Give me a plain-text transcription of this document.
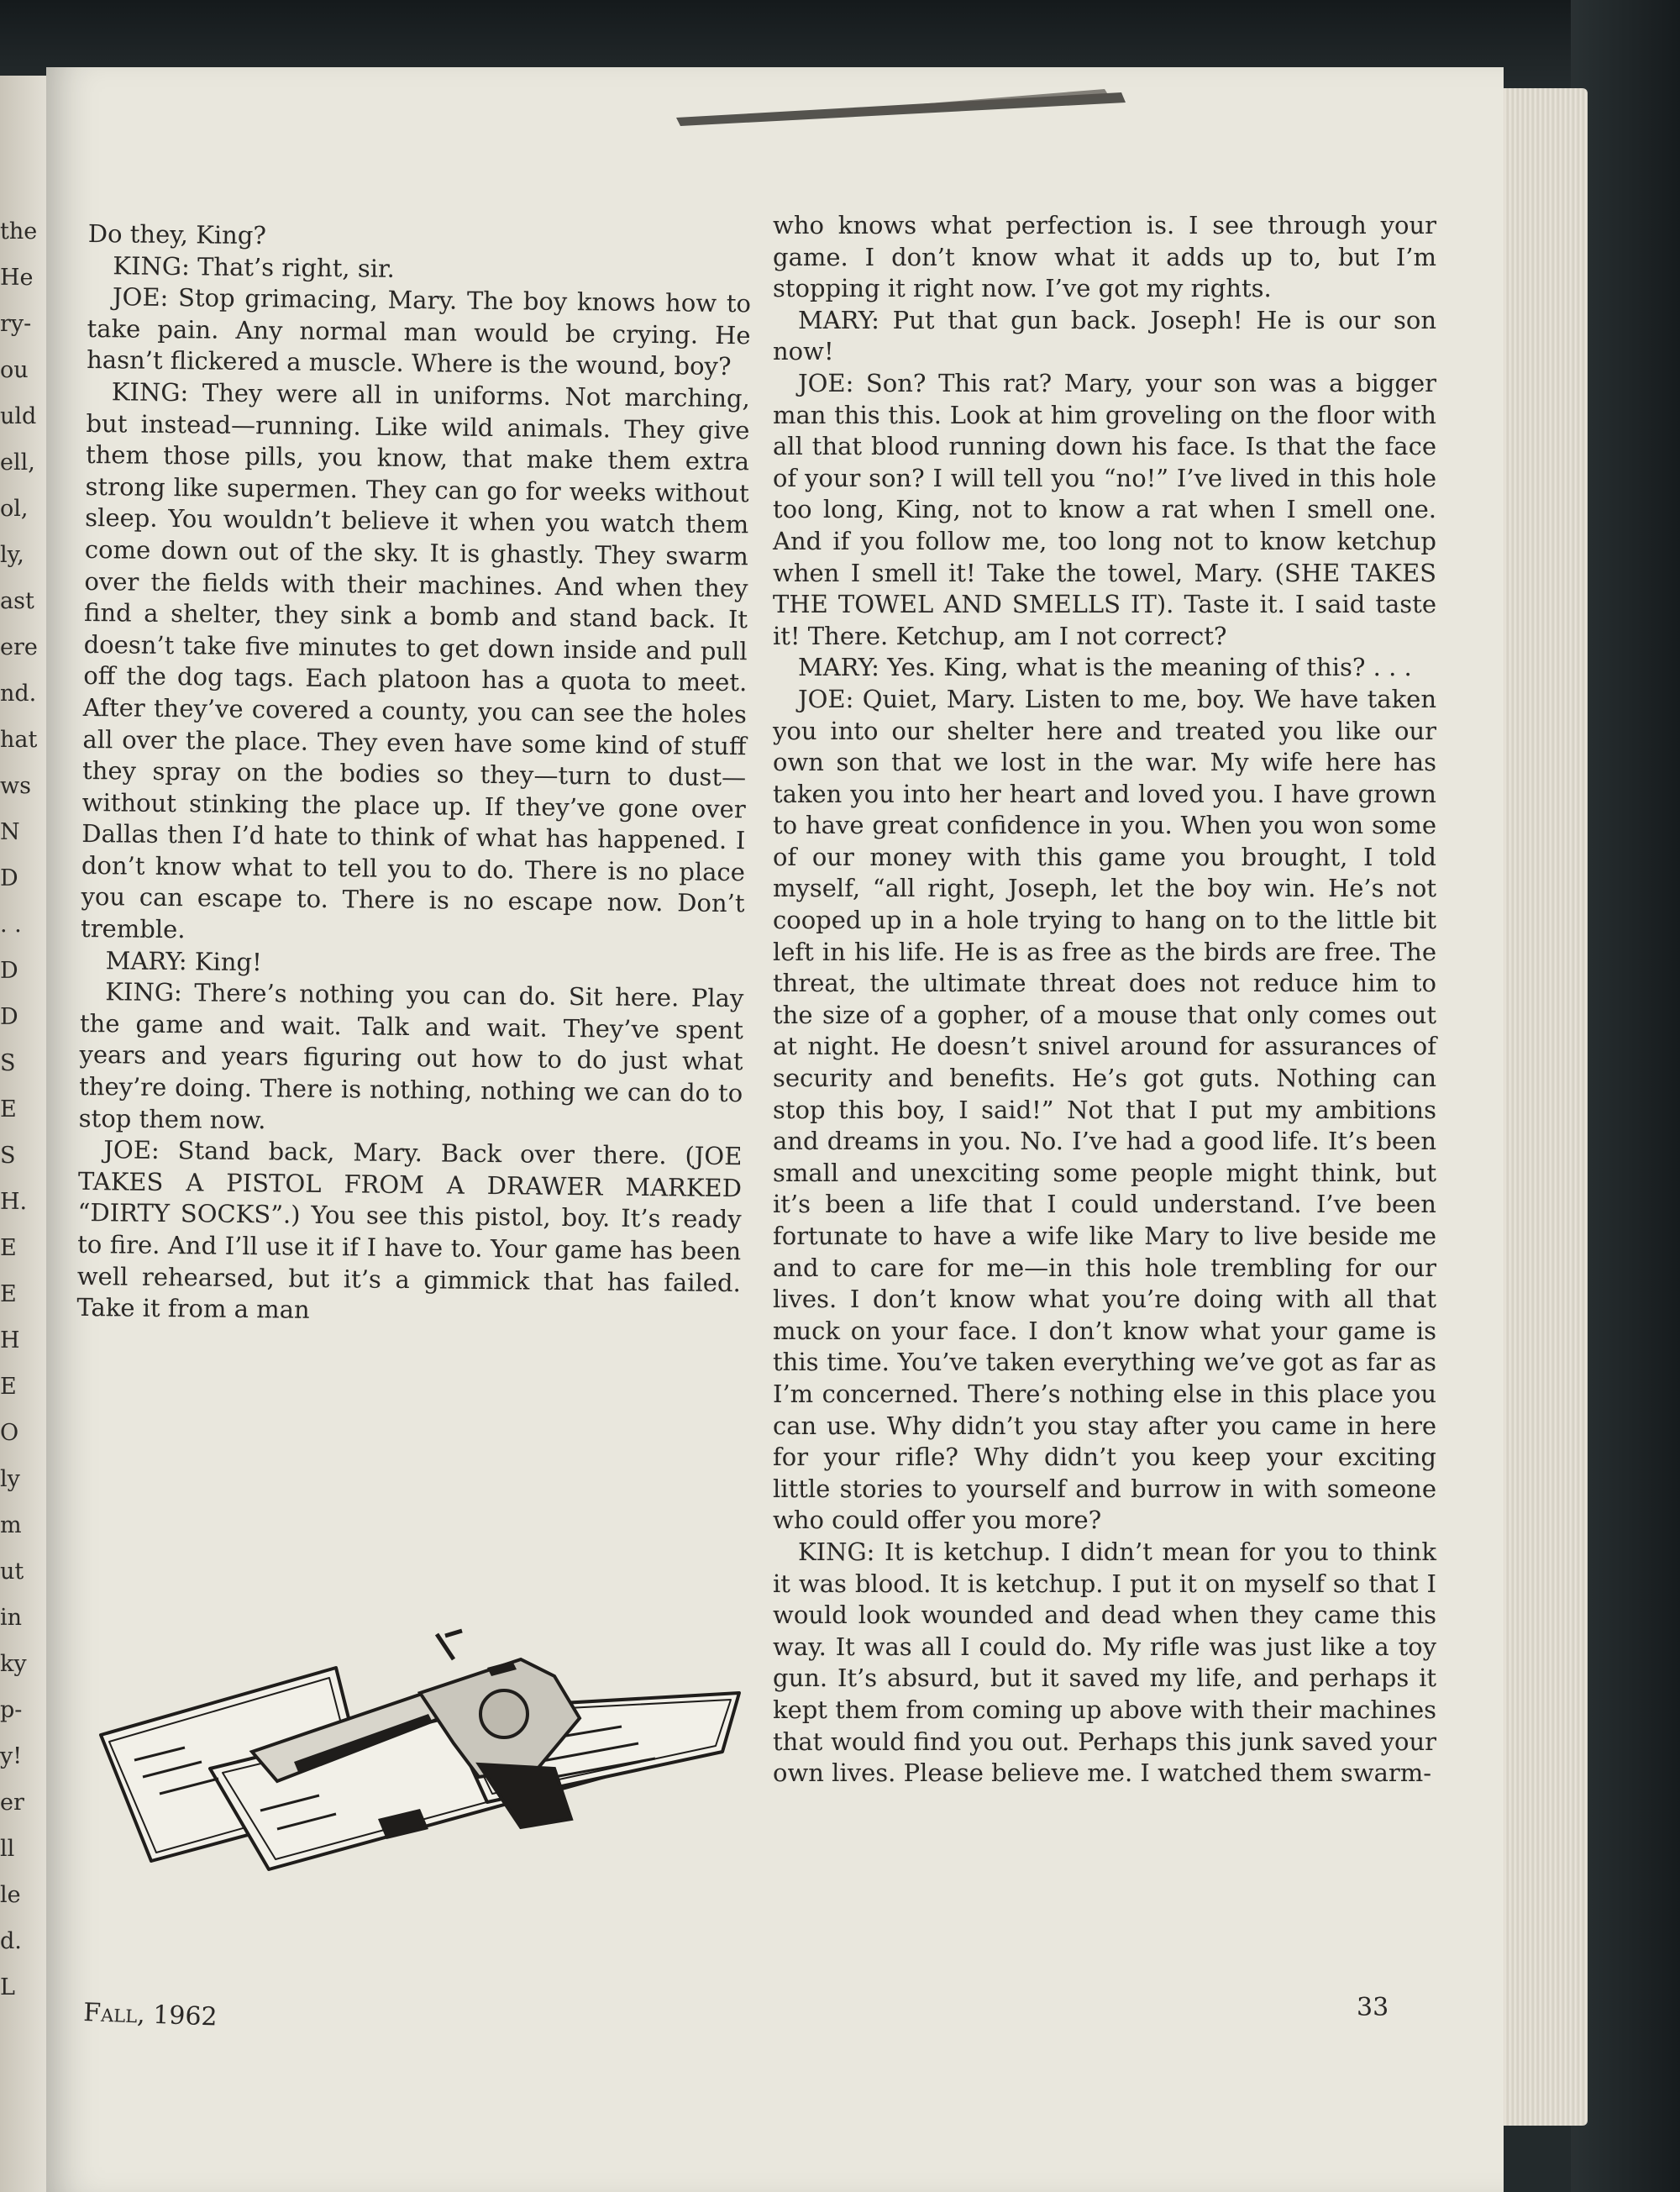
the
He
ry-
ou
uld
ell,
ol,
ly,
ast
ere
nd.
hat
ws
N
D
. .
D
D
S
E
S
H.
E
E
H
E
O
ly
m
ut
in
ky
p-
y!
er
ll
le
d.
L

Do they, King?

KING: That’s right, sir.

JOE: Stop grimacing, Mary. The boy knows how to take pain. Any normal man would be crying. He hasn’t flickered a muscle. Where is the wound, boy?

KING: They were all in uniforms. Not marching, but instead—running. Like wild animals. They give them those pills, you know, that make them extra strong like supermen. They can go for weeks without sleep. You wouldn’t believe it when you watch them come down out of the sky. It is ghastly. They swarm over the fields with their machines. And when they find a shelter, they sink a bomb and stand back. It doesn’t take five minutes to get down inside and pull off the dog tags. Each platoon has a quota to meet. After they’ve covered a county, you can see the holes all over the place. They even have some kind of stuff they spray on the bodies so they—turn to dust—without stinking the place up. If they’ve gone over Dallas then I’d hate to think of what has happened. I don’t know what to tell you to do. There is no place you can escape to. There is no escape now. Don’t tremble.

MARY: King!

KING: There’s nothing you can do. Sit here. Play the game and wait. Talk and wait. They’ve spent years and years figuring out how to do just what they’re doing. There is nothing, nothing we can do to stop them now.

JOE: Stand back, Mary. Back over there. (JOE TAKES A PISTOL FROM A DRAWER MARKED “DIRTY SOCKS”.) You see this pistol, boy. It’s ready to fire. And I’ll use it if I have to. Your game has been well rehearsed, but it’s a gimmick that has failed. Take it from a man

who knows what perfection is. I see through your game. I don’t know what it adds up to, but I’m stopping it right now. I’ve got my rights.

MARY: Put that gun back. Joseph! He is our son now!

JOE: Son? This rat? Mary, your son was a bigger man this this. Look at him groveling on the floor with all that blood running down his face. Is that the face of your son? I will tell you “no!” I’ve lived in this hole too long, King, not to know a rat when I smell one. And if you follow me, too long not to know ketchup when I smell it! Take the towel, Mary. (SHE TAKES THE TOWEL AND SMELLS IT). Taste it. I said taste it! There. Ketchup, am I not correct?

MARY: Yes. King, what is the meaning of this? . . .

JOE: Quiet, Mary. Listen to me, boy. We have taken you into our shelter here and treated you like our own son that we lost in the war. My wife here has taken you into her heart and loved you. I have grown to have great confidence in you. When you won some of our money with this game you brought, I told myself, “all right, Joseph, let the boy win. He’s not cooped up in a hole trying to hang on to the little bit left in his life. He is as free as the birds are free. The threat, the ultimate threat does not reduce him to the size of a gopher, of a mouse that only comes out at night. He doesn’t snivel around for assurances of security and benefits. He’s got guts. Nothing can stop this boy, I said!” Not that I put my ambitions and dreams in you. No. I’ve had a good life. It’s been small and unexciting some people might think, but it’s been a life that I could understand. I’ve been fortunate to have a wife like Mary to live beside me and to care for me—in this hole trembling for our lives. I don’t know what you’re doing with all that muck on your face. I don’t know what your game is this time. You’ve taken everything we’ve got as far as I’m concerned. There’s nothing else in this place you can use. Why didn’t you stay after you came in here for your rifle? Why didn’t you keep your exciting little stories to yourself and burrow in with someone who could offer you more?

KING: It is ketchup. I didn’t mean for you to think it was blood. It is ketchup. I put it on myself so that I would look wounded and dead when they came this way. It was all I could do. My rifle was just like a toy gun. It’s absurd, but it saved my life, and perhaps it kept them from coming up above with their machines that would find you out. Perhaps this junk saved your own lives. Please believe me. I watched them swarm-

Fall, 1962	33
